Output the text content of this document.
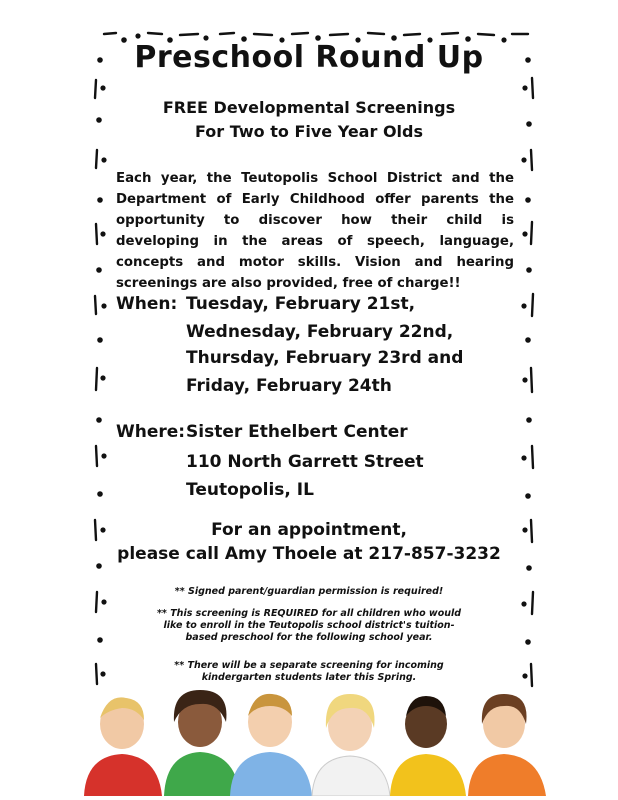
Preschool Round Up
FREE Developmental Screenings
For Two to Five Year Olds
Each year, the Teutopolis School District and the Department of Early Childhood offer parents the opportunity to discover how their child is developing in the areas of speech, language, concepts and motor skills. Vision and hearing screenings are also provided, free of charge!!
When: Tuesday, February 21st,
Wednesday, February 22nd,
Thursday, February 23rd and
Friday, February 24th
Where: Sister Ethelbert Center
110 North Garrett Street
Teutopolis, IL
For an appointment,
please call Amy Thoele at 217-857-3232
** Signed parent/guardian permission is required!
** This screening is REQUIRED for all children who would like to enroll in the Teutopolis school district's tuition-based preschool for the following school year.
** There will be a separate screening for incoming kindergarten students later this Spring.
